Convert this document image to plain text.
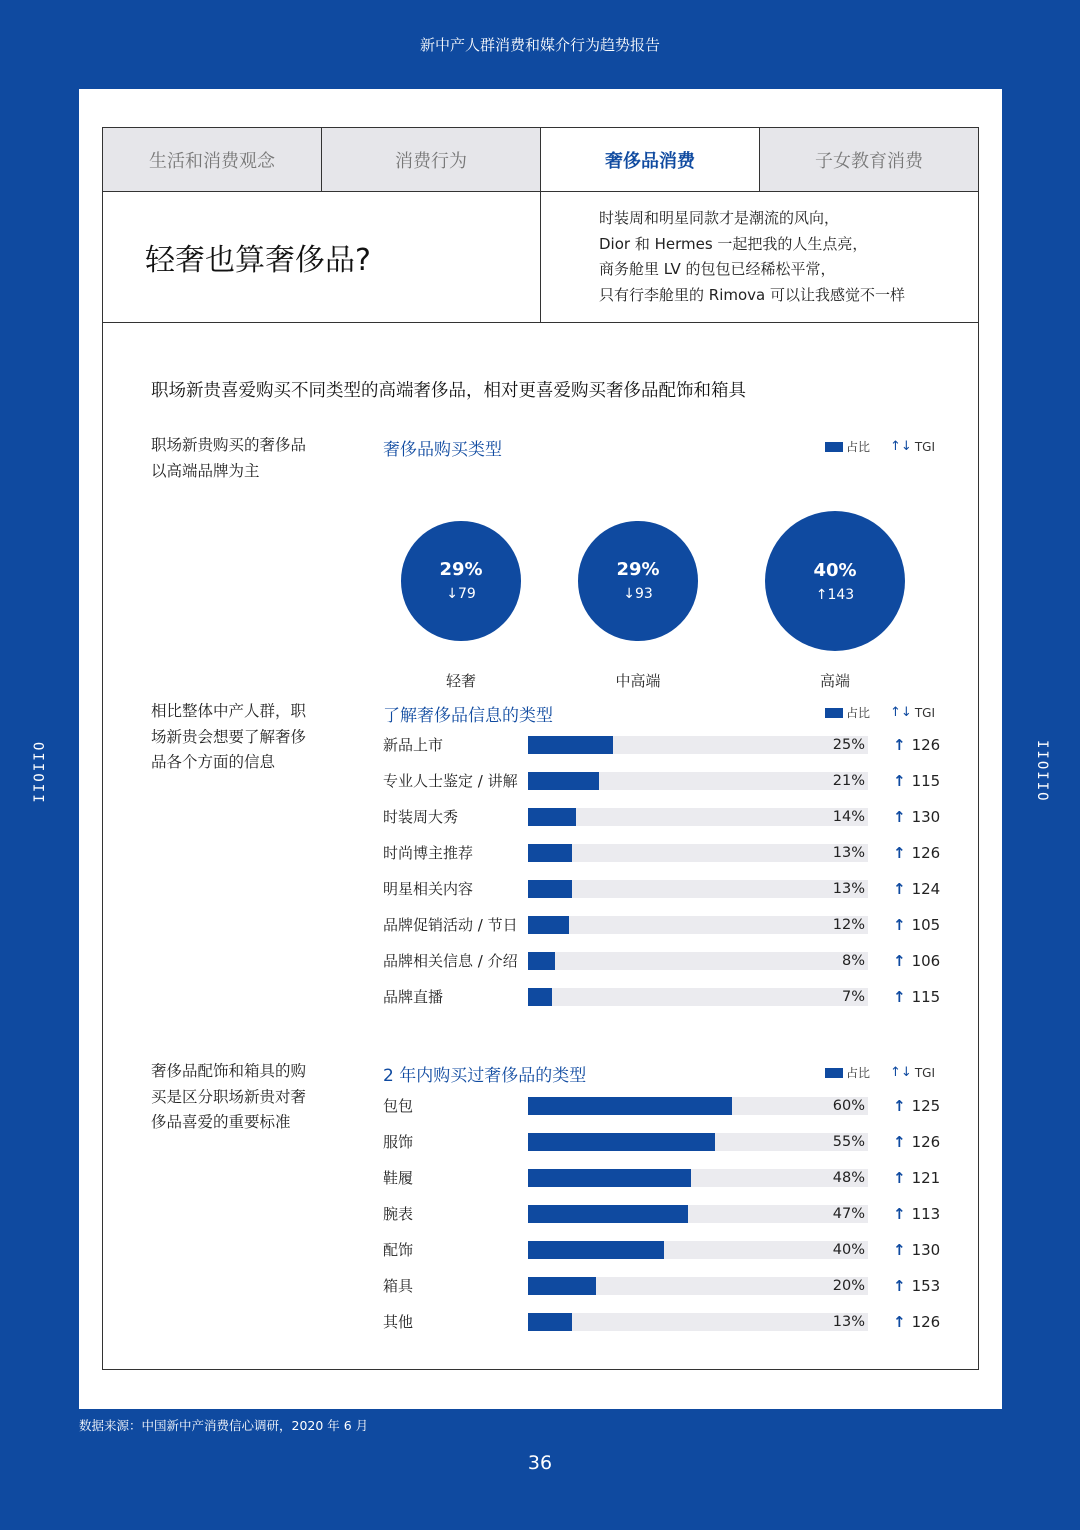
新中产人群消费和媒介行为趋势报告
IIOIIO	IIOIIO
生活和消费观念	消费行为	奢侈品消费	子女教育消费
轻奢也算奢侈品?
时装周和明星同款才是潮流的风向，
Dior 和 Hermes 一起把我的人生点亮，
商务舱里 LV 的包包已经稀松平常，
只有行李舱里的 Rimova 可以让我感觉不一样
职场新贵喜爱购买不同类型的高端奢侈品，相对更喜爱购买奢侈品配饰和箱具
职场新贵购买的奢侈品以高端品牌为主
奢侈品购买类型	占比 ↑↓ TGI
29%
↓79
轻奢
29%
↓93
中高端
40%
↑143
高端
相比整体中产人群，职场新贵会想要了解奢侈品各个方面的信息
了解奢侈品信息的类型	占比 ↑↓ TGI
新品上市	25% ↑ 126
专业人士鉴定 / 讲解	21% ↑ 115
时装周大秀	14% ↑ 130
时尚博主推荐	13% ↑ 126
明星相关内容	13% ↑ 124
品牌促销活动 / 节日	12% ↑ 105
品牌相关信息 / 介绍	8% ↑ 106
品牌直播	7% ↑ 115
奢侈品配饰和箱具的购买是区分职场新贵对奢侈品喜爱的重要标准
2 年内购买过奢侈品的类型	占比 ↑↓ TGI
包包	60% ↑ 125
服饰	55% ↑ 126
鞋履	48% ↑ 121
腕表	47% ↑ 113
配饰	40% ↑ 130
箱具	20% ↑ 153
其他	13% ↑ 126
数据来源：中国新中产消费信心调研，2020 年 6 月
36
